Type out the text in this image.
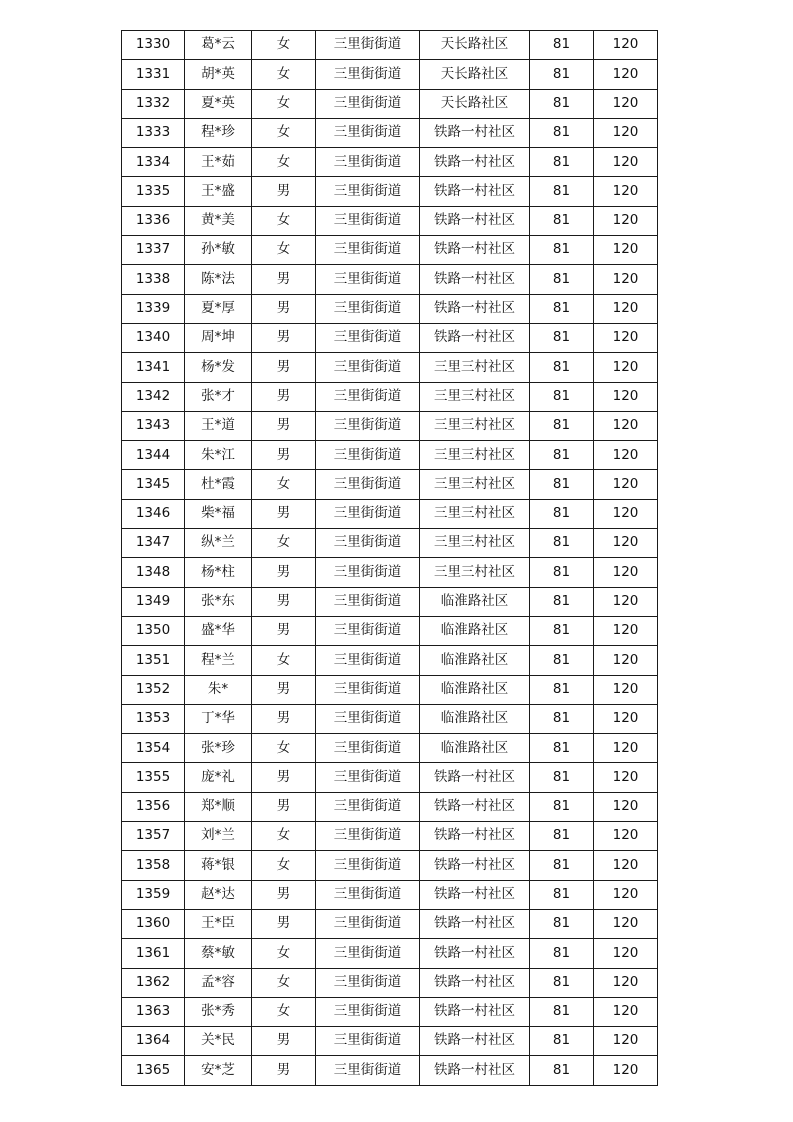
1330	葛*云	女	三里街街道	天长路社区	81	120
1331	胡*英	女	三里街街道	天长路社区	81	120
1332	夏*英	女	三里街街道	天长路社区	81	120
1333	程*珍	女	三里街街道	铁路一村社区	81	120
1334	王*茹	女	三里街街道	铁路一村社区	81	120
1335	王*盛	男	三里街街道	铁路一村社区	81	120
1336	黄*美	女	三里街街道	铁路一村社区	81	120
1337	孙*敏	女	三里街街道	铁路一村社区	81	120
1338	陈*法	男	三里街街道	铁路一村社区	81	120
1339	夏*厚	男	三里街街道	铁路一村社区	81	120
1340	周*坤	男	三里街街道	铁路一村社区	81	120
1341	杨*发	男	三里街街道	三里三村社区	81	120
1342	张*才	男	三里街街道	三里三村社区	81	120
1343	王*道	男	三里街街道	三里三村社区	81	120
1344	朱*江	男	三里街街道	三里三村社区	81	120
1345	杜*霞	女	三里街街道	三里三村社区	81	120
1346	柴*福	男	三里街街道	三里三村社区	81	120
1347	纵*兰	女	三里街街道	三里三村社区	81	120
1348	杨*柱	男	三里街街道	三里三村社区	81	120
1349	张*东	男	三里街街道	临淮路社区	81	120
1350	盛*华	男	三里街街道	临淮路社区	81	120
1351	程*兰	女	三里街街道	临淮路社区	81	120
1352	朱*	男	三里街街道	临淮路社区	81	120
1353	丁*华	男	三里街街道	临淮路社区	81	120
1354	张*珍	女	三里街街道	临淮路社区	81	120
1355	庞*礼	男	三里街街道	铁路一村社区	81	120
1356	郑*顺	男	三里街街道	铁路一村社区	81	120
1357	刘*兰	女	三里街街道	铁路一村社区	81	120
1358	蒋*银	女	三里街街道	铁路一村社区	81	120
1359	赵*达	男	三里街街道	铁路一村社区	81	120
1360	王*臣	男	三里街街道	铁路一村社区	81	120
1361	蔡*敏	女	三里街街道	铁路一村社区	81	120
1362	孟*容	女	三里街街道	铁路一村社区	81	120
1363	张*秀	女	三里街街道	铁路一村社区	81	120
1364	关*民	男	三里街街道	铁路一村社区	81	120
1365	安*芝	男	三里街街道	铁路一村社区	81	120
